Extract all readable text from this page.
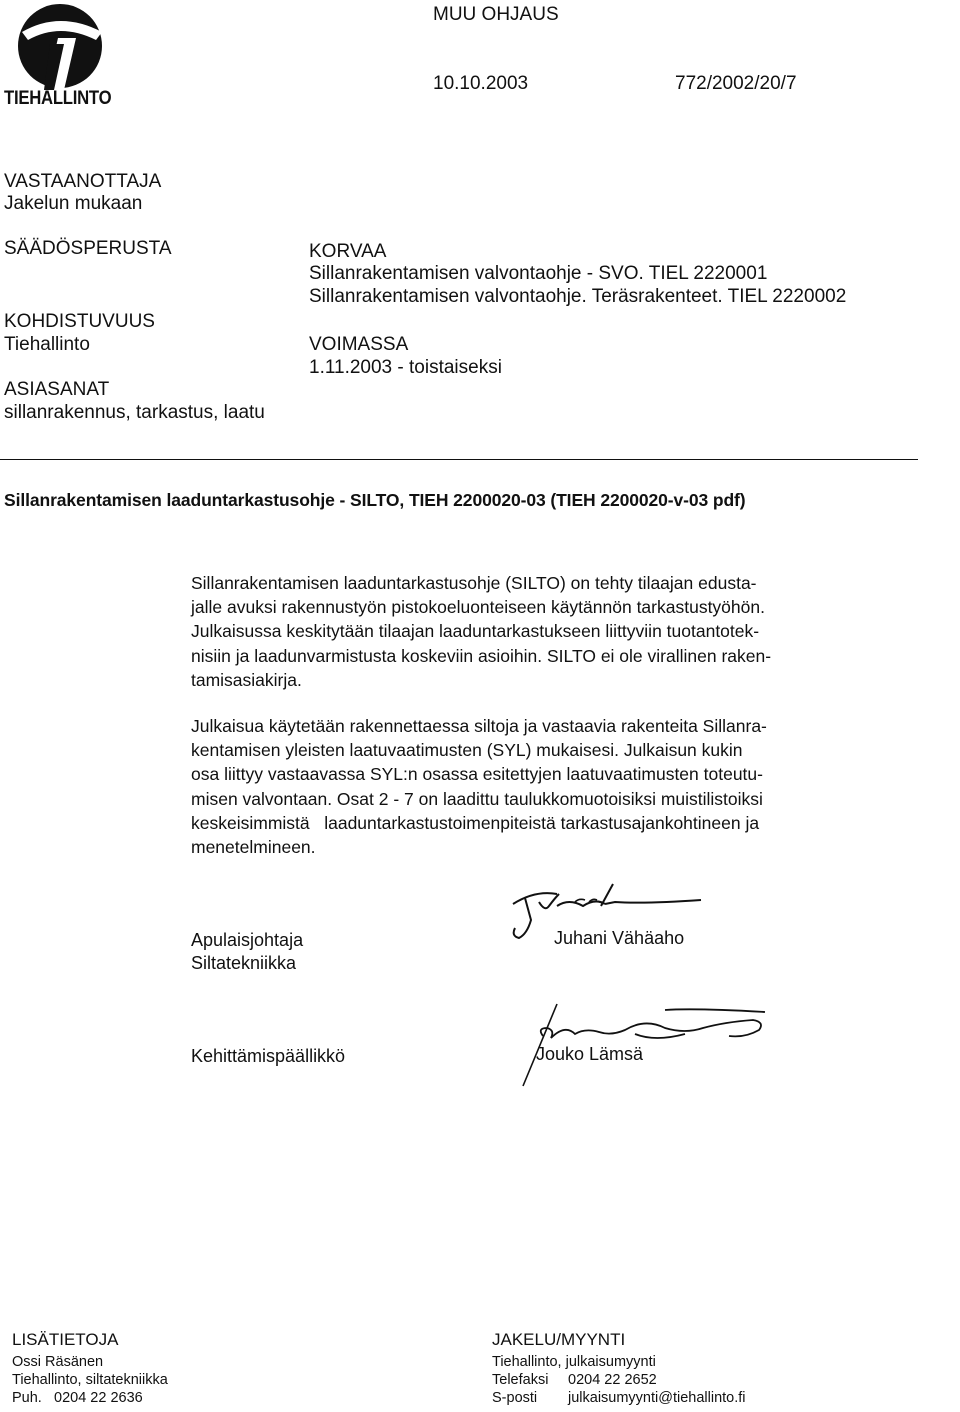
TIEHALLINTO
MUU OHJAUS
10.10.2003	772/2002/20/7
VASTAANOTTAJA
Jakelun mukaan
SÄÄDÖSPERUSTA
KOHDISTUVUUS
Tiehallinto
ASIASANAT
sillanrakennus, tarkastus, laatu
KORVAA
Sillanrakentamisen valvontaohje - SVO. TIEL 2220001
Sillanrakentamisen valvontaohje. Teräsrakenteet. TIEL 2220002
VOIMASSA
1.11.2003 - toistaiseksi
Sillanrakentamisen laaduntarkastusohje - SILTO, TIEH 2200020-03 (TIEH 2200020-v-03 pdf)
Sillanrakentamisen laaduntarkastusohje (SILTO) on tehty tilaajan edusta-
jalle avuksi rakennustyön pistokoeluonteiseen käytännön tarkastustyöhön.
Julkaisussa keskitytään tilaajan laaduntarkastukseen liittyviin tuotantotek-
nisiin ja laadunvarmistusta koskeviin asioihin. SILTO ei ole virallinen raken-
tamisasiakirja.
Julkaisua käytetään rakennettaessa siltoja ja vastaavia rakenteita Sillanra-
kentamisen yleisten laatuvaatimusten (SYL) mukaisesi. Julkaisun kukin
osa liittyy vastaavassa SYL:n osassa esitettyjen laatuvaatimusten toteutu-
misen valvontaan. Osat 2 - 7 on laadittu taulukkomuotoisiksi muistilistoiksi
keskeisimmistä   laaduntarkastustoimenpiteistä tarkastusajankohtineen ja
menetelmineen.
Apulaisjohtaja
Siltatekniikka
Juhani Vähäaho
Kehittämispäällikkö	Jouko Lämsä
LISÄTIETOJA
Ossi Räsänen
Tiehallinto, siltatekniikka
Puh. 0204 22 2636
JAKELU/MYYNTI
Tiehallinto, julkaisumyynti
Telefaksi 0204 22 2652
S-posti julkaisumyynti@tiehallinto.fi
